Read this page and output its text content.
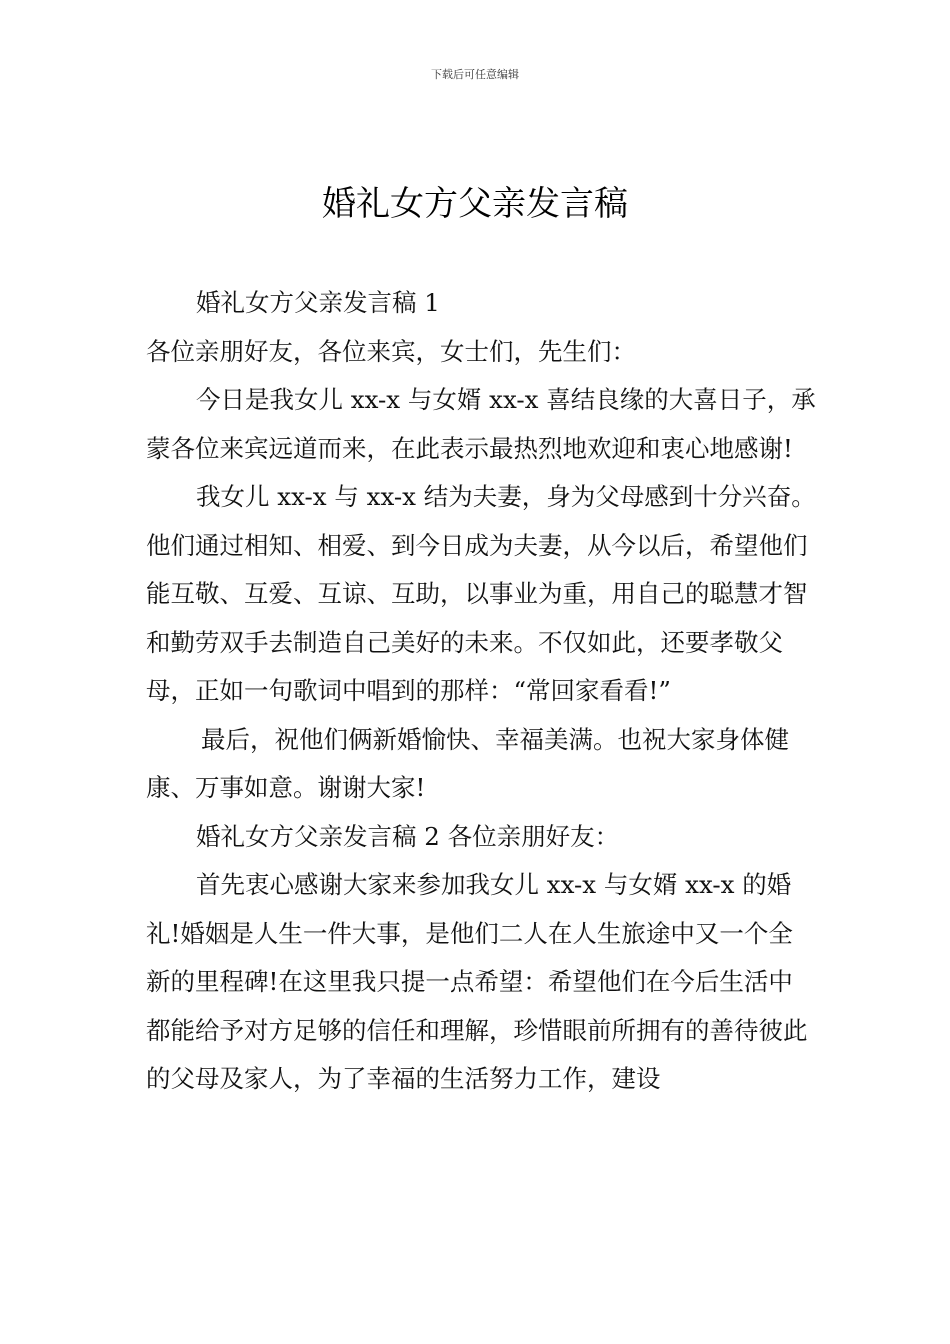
下载后可任意编辑
婚礼女方父亲发言稿

婚礼女方父亲发言稿 1

各位亲朋好友，各位来宾，女士们，先生们：

今日是我女儿 xx-x 与女婿 xx-x 喜结良缘的大喜日子，承蒙各位来宾远道而来，在此表示最热烈地欢迎和衷心地感谢!

我女儿 xx-x 与 xx-x 结为夫妻，身为父母感到十分兴奋。他们通过相知、相爱、到今日成为夫妻，从今以后，希望他们能互敬、互爱、互谅、互助，以事业为重，用自己的聪慧才智和勤劳双手去制造自己美好的未来。不仅如此，还要孝敬父母，正如一句歌词中唱到的那样：“常回家看看!”

最后，祝他们俩新婚愉快、幸福美满。也祝大家身体健康、万事如意。谢谢大家!

婚礼女方父亲发言稿 2 各位亲朋好友：

首先衷心感谢大家来参加我女儿 xx-x 与女婿 xx-x 的婚礼!婚姻是人生一件大事，是他们二人在人生旅途中又一个全新的里程碑!在这里我只提一点希望：希望他们在今后生活中都能给予对方足够的信任和理解，珍惜眼前所拥有的善待彼此的父母及家人，为了幸福的生活努力工作，建设
